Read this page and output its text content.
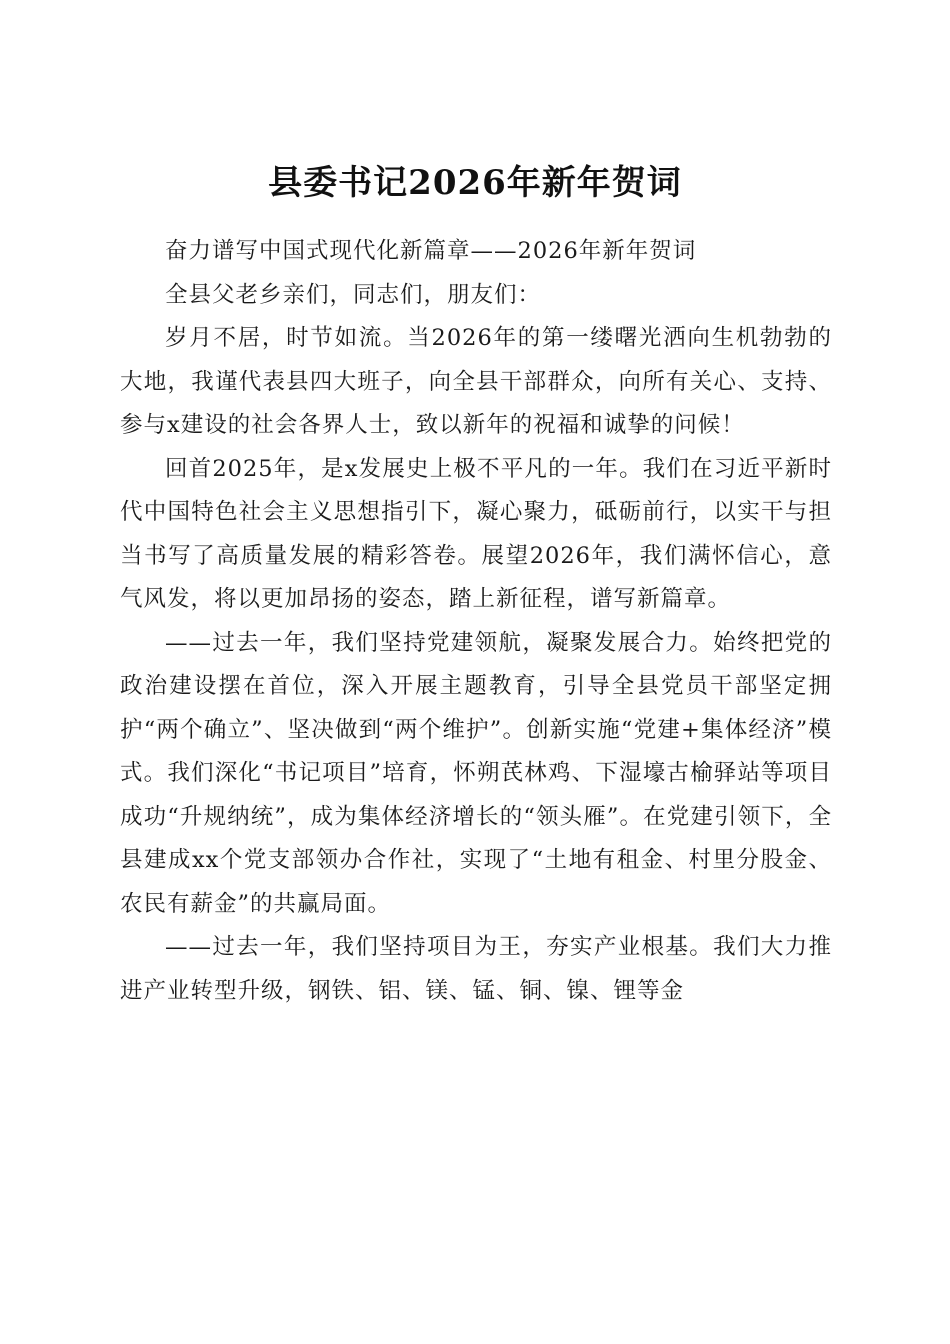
县委书记2026年新年贺词

奋力谱写中国式现代化新篇章——2026年新年贺词

全县父老乡亲们，同志们，朋友们：

岁月不居，时节如流。当2026年的第一缕曙光洒向生机勃勃的大地，我谨代表县四大班子，向全县干部群众，向所有关心、支持、参与x建设的社会各界人士，致以新年的祝福和诚挚的问候！

回首2025年，是x发展史上极不平凡的一年。我们在习近平新时代中国特色社会主义思想指引下，凝心聚力，砥砺前行，以实干与担当书写了高质量发展的精彩答卷。展望2026年，我们满怀信心，意气风发，将以更加昂扬的姿态，踏上新征程，谱写新篇章。

——过去一年，我们坚持党建领航，凝聚发展合力。始终把党的政治建设摆在首位，深入开展主题教育，引导全县党员干部坚定拥护“两个确立”、坚决做到“两个维护”。创新实施“党建+集体经济”模式。我们深化“书记项目”培育，怀朔芪林鸡、下湿壕古榆驿站等项目成功“升规纳统”，成为集体经济增长的“领头雁”。在党建引领下，全县建成xx个党支部领办合作社，实现了“土地有租金、村里分股金、农民有薪金”的共赢局面。

——过去一年，我们坚持项目为王，夯实产业根基。我们大力推进产业转型升级，钢铁、铝、镁、锰、铜、镍、锂等金
